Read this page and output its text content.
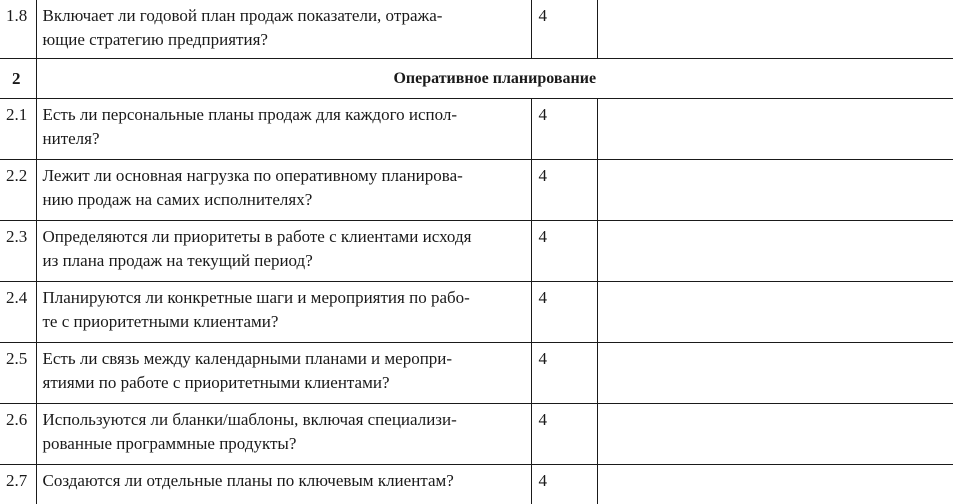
1.8	Включает ли годовой план продаж показатели, отража-
ющие стратегию предприятия?	4	
2	Оперативное планирование		
2.1	Есть ли персональные планы продаж для каждого испол-
нителя?	4	
2.2	Лежит ли основная нагрузка по оперативному планирова-
нию продаж на самих исполнителях?	4	
2.3	Определяются ли приоритеты в работе с клиентами исходя
из плана продаж на текущий период?	4	
2.4	Планируются ли конкретные шаги и мероприятия по рабо-
те с приоритетными клиентами?	4	
2.5	Есть ли связь между календарными планами и меропри-
ятиями по работе с приоритетными клиентами?	4	
2.6	Используются ли бланки/шаблоны, включая специализи-
рованные программные продукты?	4	
2.7	Создаются ли отдельные планы по ключевым клиентам?	4	
